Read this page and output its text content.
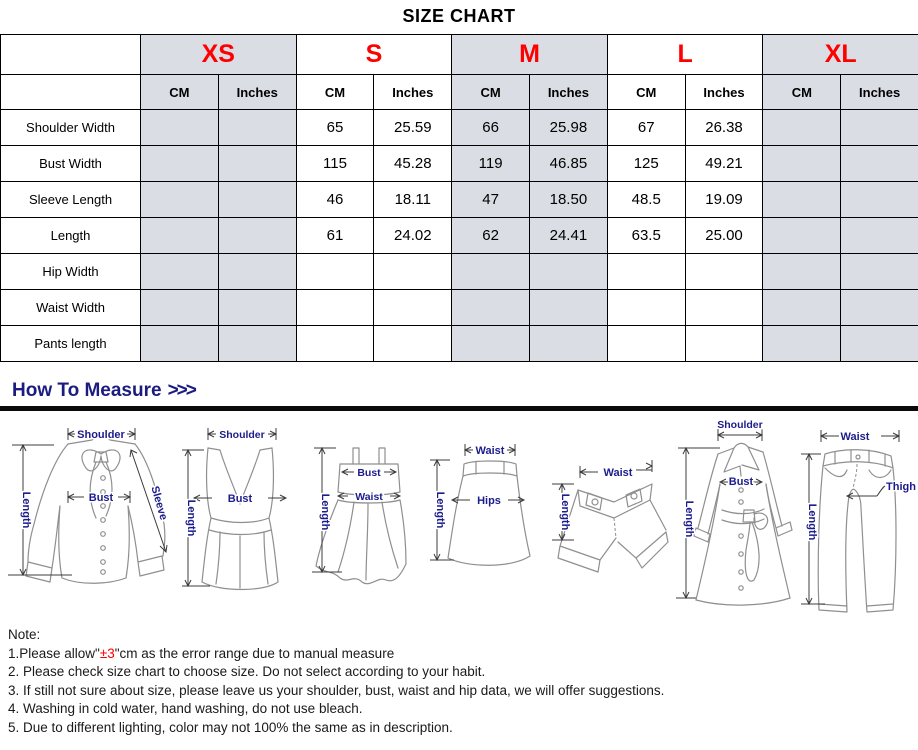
SIZE CHART
	XS		S		M		L		XL	
	CM	Inches	CM	Inches	CM	Inches	CM	Inches	CM	Inches
Shoulder Width			65	25.59	66	25.98	67	26.38		
Bust Width			115	45.28	119	46.85	125	49.21		
Sleeve Length			46	18.11	47	18.50	48.5	19.09		
Length			61	24.02	62	24.41	63.5	25.00		
Hip Width										
Waist Width										
Pants length										
How To Measure >>>
Shoulder
Bust
Length	Sleeve
Shoulder
Bust
Length
Bust
Waist
Length
Waist
Hips
Length
Waist
Length
Shoulder
Bust
Length
Waist
Thigh
Length
Note:
1.Please allow"±3"cm as the error range due to manual measure
2. Please check size chart to choose size. Do not select according to your habit.
3. If still not sure about size, please leave us your shoulder, bust, waist and hip data, we will offer suggestions.
4. Washing in cold water, hand washing, do not use bleach.
5. Due to different lighting, color may not 100% the same as in description.
